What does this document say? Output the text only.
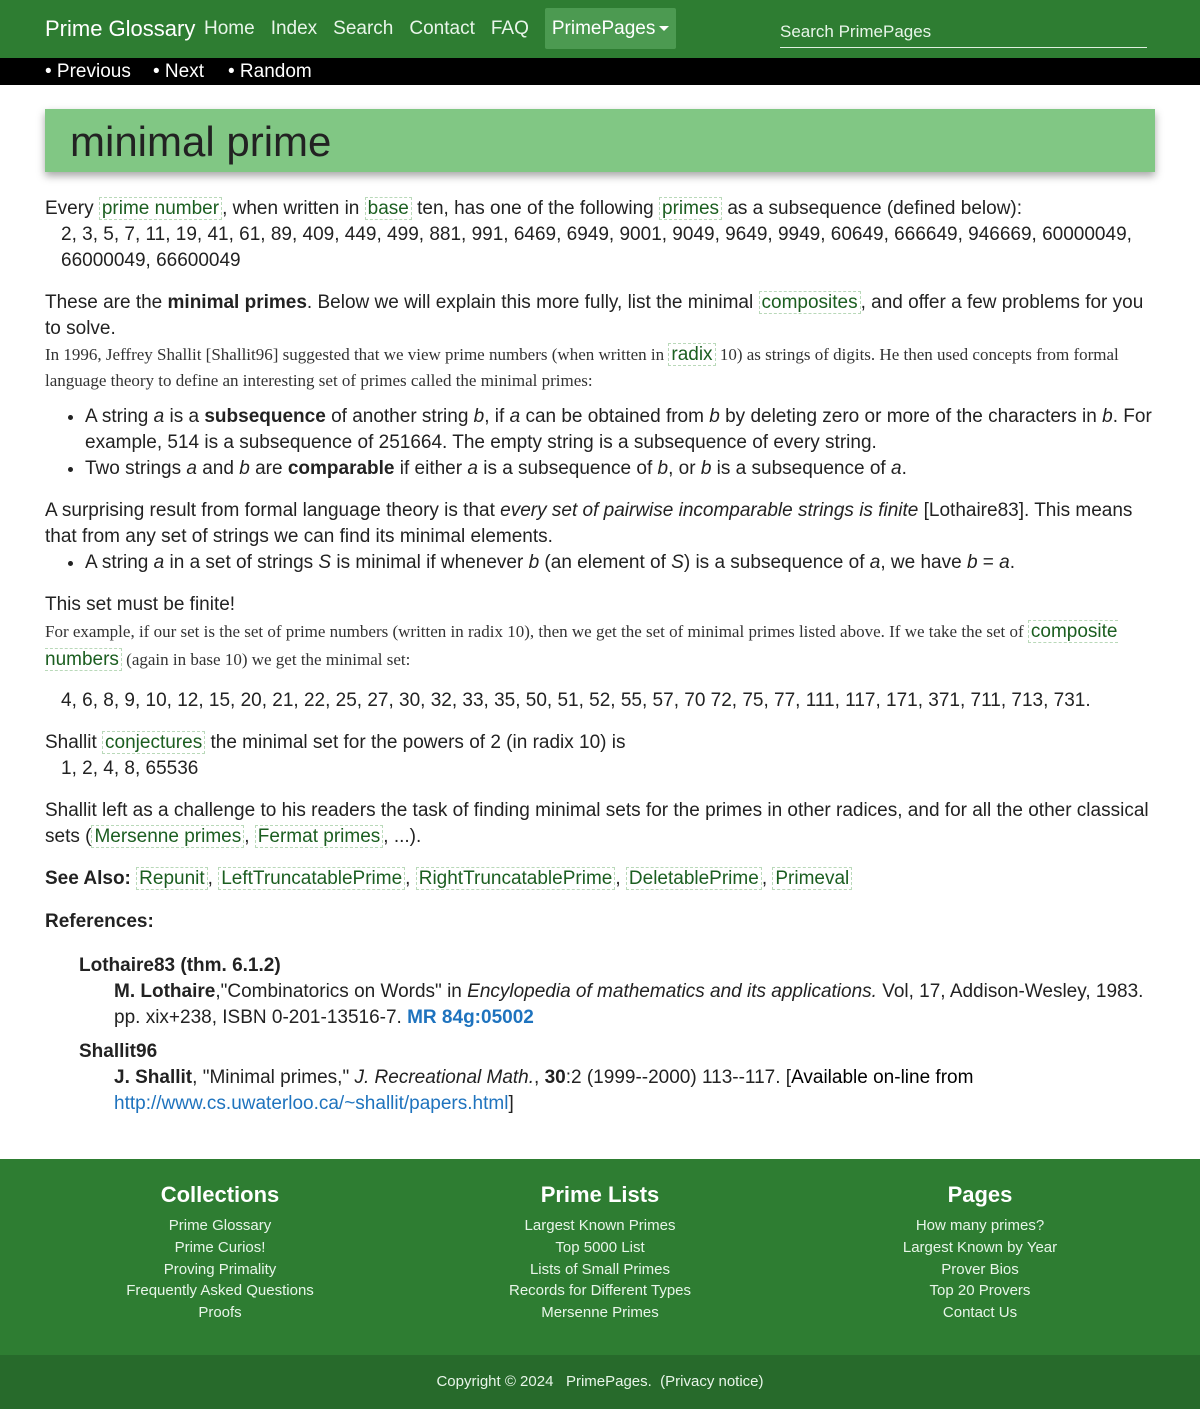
Prime Glossary Home Index Search Contact FAQ	PrimePages
Search PrimePages
• Previous • Next • Random
minimal prime

Every prime number , when written in base ten, has one of the following primes as a subsequence (defined below):

2, 3, 5, 7, 11, 19, 41, 61, 89, 409, 449, 499, 881, 991, 6469, 6949, 9001, 9049, 9649, 9949, 60649, 666649, 946669, 60000049, 66000049, 66600049

These are the minimal primes. Below we will explain this more fully, list the minimal composites , and offer a few problems for you to solve.

In 1996, Jeffrey Shallit [Shallit96] suggested that we view prime numbers (when written in radix 10) as strings of digits. He then used concepts from formal language theory to define an interesting set of primes called the minimal primes:

• A string a is a subsequence of another string b, if a can be obtained from b by deleting zero or more of the characters in b. For example, 514 is a subsequence of 251664. The empty string is a subsequence of every string.
• Two strings a and b are comparable if either a is a subsequence of b, or b is a subsequence of a.

A surprising result from formal language theory is that every set of pairwise incomparable strings is finite [Lothaire83]. This means that from any set of strings we can find its minimal elements.

• A string a in a set of strings S is minimal if whenever b (an element of S) is a subsequence of a, we have b = a.

This set must be finite!

For example, if our set is the set of prime numbers (written in radix 10), then we get the set of minimal primes listed above. If we take the set of composite numbers (again in base 10) we get the minimal set:

4, 6, 8, 9, 10, 12, 15, 20, 21, 22, 25, 27, 30, 32, 33, 35, 50, 51, 52, 55, 57, 70 72, 75, 77, 111, 117, 171, 371, 711, 713, 731.

Shallit conjectures the minimal set for the powers of 2 (in radix 10) is

1, 2, 4, 8, 65536

Shallit left as a challenge to his readers the task of finding minimal sets for the primes in other radices, and for all the other classical sets ( Mersenne primes , Fermat primes , ...).

See Also: Repunit , LeftTruncatablePrime , RightTruncatablePrime , DeletablePrime , Primeval

References:

Lothaire83 (thm. 6.1.2)
M. Lothaire,"Combinatorics on Words" in Encylopedia of mathematics and its applications. Vol, 17, Addison-Wesley, 1983. pp. xix+238, ISBN 0-201-13516-7. MR 84g:05002
Shallit96
J. Shallit, "Minimal primes," J. Recreational Math., 30:2 (1999--2000) 113--117. [Available on-line from
http://www.cs.uwaterloo.ca/~shallit/papers.html]
Collections
Prime Glossary
Prime Curios!
Proving Primality
Frequently Asked Questions
Proofs
Prime Lists
Largest Known Primes
Top 5000 List
Lists of Small Primes
Records for Different Types
Mersenne Primes
Pages
How many primes?
Largest Known by Year
Prover Bios
Top 20 Provers
Contact Us
Copyright © 2024 PrimePages.  (Privacy notice)
